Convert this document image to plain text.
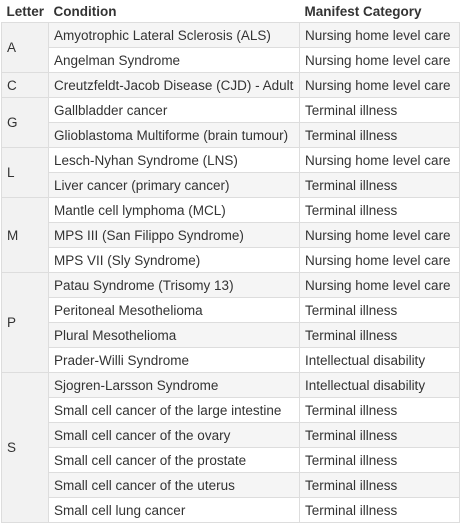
Letter	Condition	Manifest Category
A	Amyotrophic Lateral Sclerosis (ALS)	Nursing home level care
	Angelman Syndrome	Nursing home level care
C	Creutzfeldt-Jacob Disease (CJD) - Adult	Nursing home level care
G	Gallbladder cancer	Terminal illness
	Glioblastoma Multiforme (brain tumour)	Terminal illness
L	Lesch-Nyhan Syndrome (LNS)	Nursing home level care
	Liver cancer (primary cancer)	Terminal illness
M	Mantle cell lymphoma (MCL)	Terminal illness
	MPS III (San Filippo Syndrome)	Nursing home level care
	MPS VII (Sly Syndrome)	Nursing home level care
P	Patau Syndrome (Trisomy 13)	Nursing home level care
	Peritoneal Mesothelioma	Terminal illness
	Plural Mesothelioma	Terminal illness
	Prader-Willi Syndrome	Intellectual disability
S	Sjogren-Larsson Syndrome	Intellectual disability
	Small cell cancer of the large intestine	Terminal illness
	Small cell cancer of the ovary	Terminal illness
	Small cell cancer of the prostate	Terminal illness
	Small cell cancer of the uterus	Terminal illness
	Small cell lung cancer	Terminal illness
